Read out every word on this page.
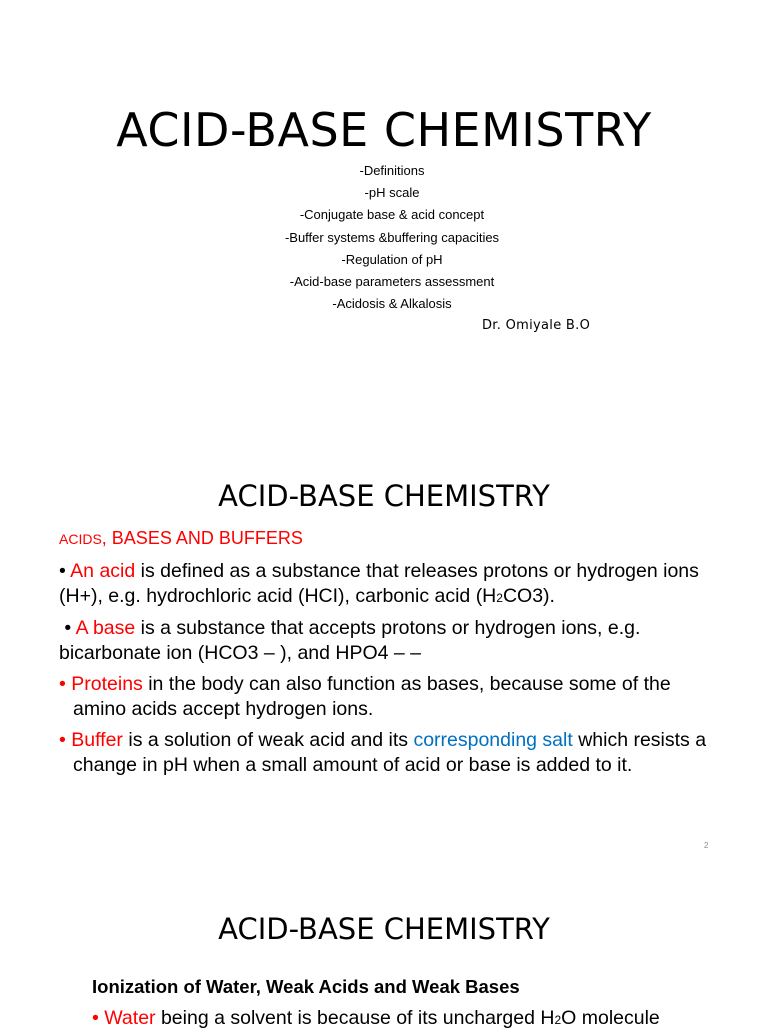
ACID-BASE CHEMISTRY
-Definitions
-pH scale
-Conjugate base & acid concept
-Buffer systems &buffering capacities
-Regulation of pH
-Acid-base parameters assessment
-Acidosis & Alkalosis
Dr. Omiyale B.O
ACID-BASE CHEMISTRY
ACIDS, BASES AND BUFFERS

• An acid is defined as a substance that releases protons or hydrogen ions (H+), e.g. hydrochloric acid (HCI), carbonic acid (H2CO3).

• A base is a substance that accepts protons or hydrogen ions, e.g. bicarbonate ion (HCO3 – ), and HPO4 – –

• Proteins in the body can also function as bases, because some of the amino acids accept hydrogen ions.

• Buffer is a solution of weak acid and its corresponding salt which resists a change in pH when a small amount of acid or base is added to it.

2
ACID-BASE CHEMISTRY
Ionization of Water, Weak Acids and Weak Bases
• Water being a solvent is because of its uncharged H2O molecule
